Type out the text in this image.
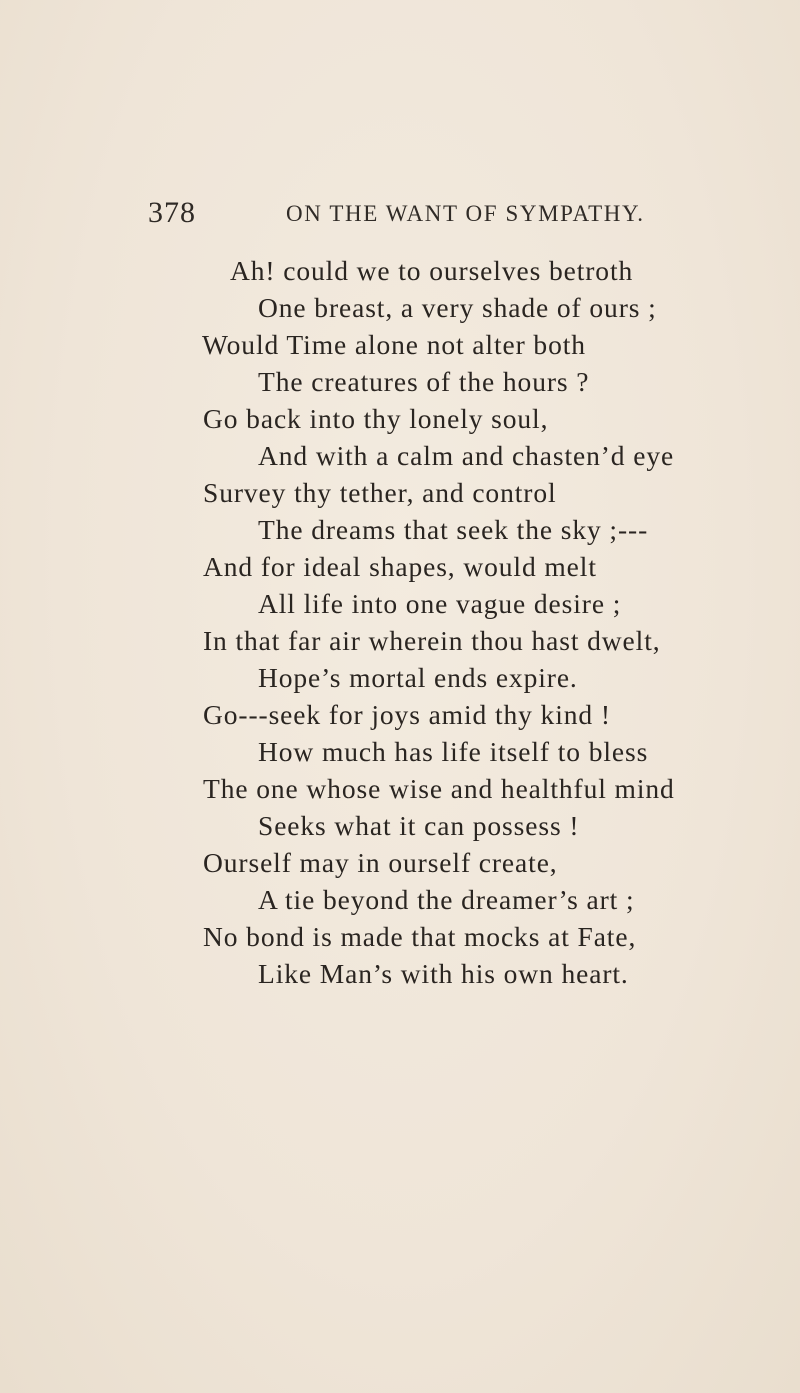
378	ON THE WANT OF SYMPATHY.
Ah! could we to ourselves betroth
One breast, a very shade of ours ;
Would Time alone not alter both
The creatures of the hours ?
Go back into thy lonely soul,
And with a calm and chasten’d eye
Survey thy tether, and control
The dreams that seek the sky ;---
And for ideal shapes, would melt
All life into one vague desire ;
In that far air wherein thou hast dwelt,
Hope’s mortal ends expire.
Go---seek for joys amid thy kind !
How much has life itself to bless
The one whose wise and healthful mind
Seeks what it can possess !
Ourself may in ourself create,
A tie beyond the dreamer’s art ;
No bond is made that mocks at Fate,
Like Man’s with his own heart.
